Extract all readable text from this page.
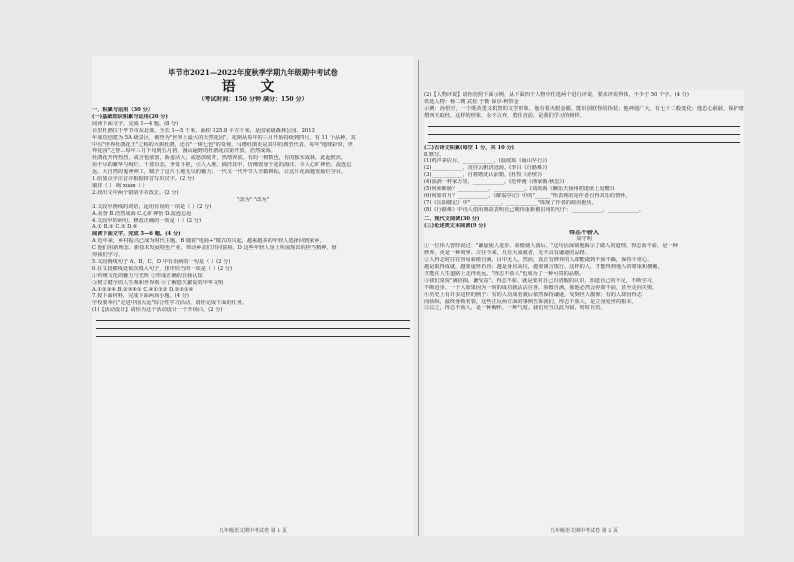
毕节市2021—2022年度秋季学期九年级期中考试卷
语 文
（考试时间：150 分钟 满分：150 分）
一、积累与运用（30 分）
(一)基础知识积累与运用(20 分)
阅读下面文字，完成 1—4 题。(8 分)
百里杜鹃位于毕节市东北部，全长 1—5 千米，面积 125.8 平方千米，是国家级森林公园，2013
年成功创建为 5A 级景区，被誉为"世界上最大的天然花园"。花期从每年的三月开始持续到四月，有 11 个品种，其
中有"世界杜鹃花王"之称的大树杜鹃，还有"一树七色"的奇观，马缨杜鹃更是其中的典型代表。每年"地球彩带，世
界花园"之誉...每年三月下旬到五月初，漫山遍野的杜鹃花次第开放，浩然成海。
杜鹃花开得热烈，或含苞欲放，娇羞动人；或怒放绽开，热情奔放。有的一树数色，有的独木成林，此起彼伏，
看不尽的繁华与绚烂。千姿百态，争奇斗艳，引人入胜。徜徉其中，仿佛置身于花的海洋，令人心旷神怡、流连忘
返。大自然的鬼斧神工，赋予了这片土地无尽的魅力；一代又一代毕节人辛勤耕耘，让这片花海越发灿烂夺目。
1.给加点字注音并根据拼音写出汉字。(2 分)
徜徉（ ） 绚 xuàn（ ）
2.找出文中两个错别字并改正。(2 分)
"改为" "改为"
3.文段中画线的词语，运用有误的一项是（ ）(2 分)
A.美誉 B.浩然成海 C.心旷神怡 D.流连忘返
4.文段中的病句，修改正确的一项是（ ）(2 分)
A.① B.② C.③ D.④
阅读下面文字，完成 5—6 题。(4 分)
A 近年来，乡村振兴已成为时代主题。B 随着"电商+"模式的兴起，越来越多的年轻人选择回到家乡，
C 他们用新理念、新技术发展特色产业，带动乡亲们共同富裕。D 这些年轻人身上所展现出的担当精神，值
得我们学习。
5.文段画线句子 A、B、C、D 中有语病的一句是（ ）(2 分)
6.在文段横线处依次填入句子，排序恰当的一项是（ ）(2 分)
①传统文化的魅力与光辉 ②形成正确的自我认知
③树立健全的人生观和世界观 ④了解悠久繁复的中华文明
A.①②③④ B.②③④① C.④①③② D.③②①④
7.按下面材料，完成下面两项小题。(4 分)
学校要举行"走进中国大运"综合性学习活动，请你完成下面的任务。
(1)【活动设计】请你为这个活动设计一个开场白。(2 分)
九年级语文期中考试卷 第 1 页
(2)【人物评说】请你仿照下面示例，从下面四个人物中任选两个进行评说，要求评说得体，不少于 50 个字。(4 分)
供选人物：杨二嫂 武松 于勒 保尔·柯察金
示例：孙悟空，一个既英勇又机智的文学形象。他有着火眼金睛，能识别妖怪的伪装；他神通广大，有七十二般变化；他忠心耿耿，保护唐僧西天取经。这样的形象，永不言弃，勇往直前，是我们学习的榜样。
(二)古诗文积累(每空 1 分，共 10 分)
8.默写。
(1)鸡声茅店月，____________。(温庭筠《商山早行》)
(2)____________，直挂云帆济沧海。(李白《行路难》)
(3)____________，自将磨洗认前朝。(杜牧《赤壁》)
(4)浊酒一杯家万里，____________。(范仲淹《渔家傲·秋思》)
(5)何须断肠？____________，____________。(刘禹锡《酬乐天扬州初逢席上见赠》)
(6)何如对月？____________。《醉翁亭记》中的"______"所表现的是作者自得其乐的情怀。
(7)《岳阳楼记》中"____________，____________"体现了作者的政治抱负。
(8)《行路难》中诗人借用典故表明自己期待重新被启用的句子：____________，____________。
二、现代文阅读(30 分)
(三)论述类文本阅读(9 分)
得志不骄人
周守明
①一位伟人曾经说过："谦虚使人进步，骄傲使人落后。"这句话深刻地揭示了做人的道理。得志而不骄，是一种
修养，更是一种境界。古往今来，凡有大成就者，无不具有谦逊的品格。
②人得志时往往容易骄傲自满，目中无人。然而，真正有修养的人却能做到不骄不躁，保持平常心。
越是取得成就，越要虚怀若谷；越是身居高位，越要谨言慎行。这样的人，才能得到他人的尊重和拥戴，
才能在人生道路上走得更远。"得志不骄人"也成为了一种可贵的品格。
③我们常说"满招损，谦受益"。得志不骄，就是要对自己有清醒的认识，知道自己的不足，不断学习，
不断进步。一个人如果因为一时的成功就沾沾自喜，骄傲自满，那他必然会停滞不前，甚至走向失败。
④历史上有许多这样的例子：有的人功成名就后依然保持谦逊，受到世人敬仰；有的人却因得志
而骄纵，最终身败名裂。这些正反两方面的事例告诉我们，得志不骄人，是立身处世的根本。
⑤总之，得志不骄人，是一种胸怀，一种气度。我们应当以此为镜，时时自省。
九年级语文期中考试卷 第 2 页
